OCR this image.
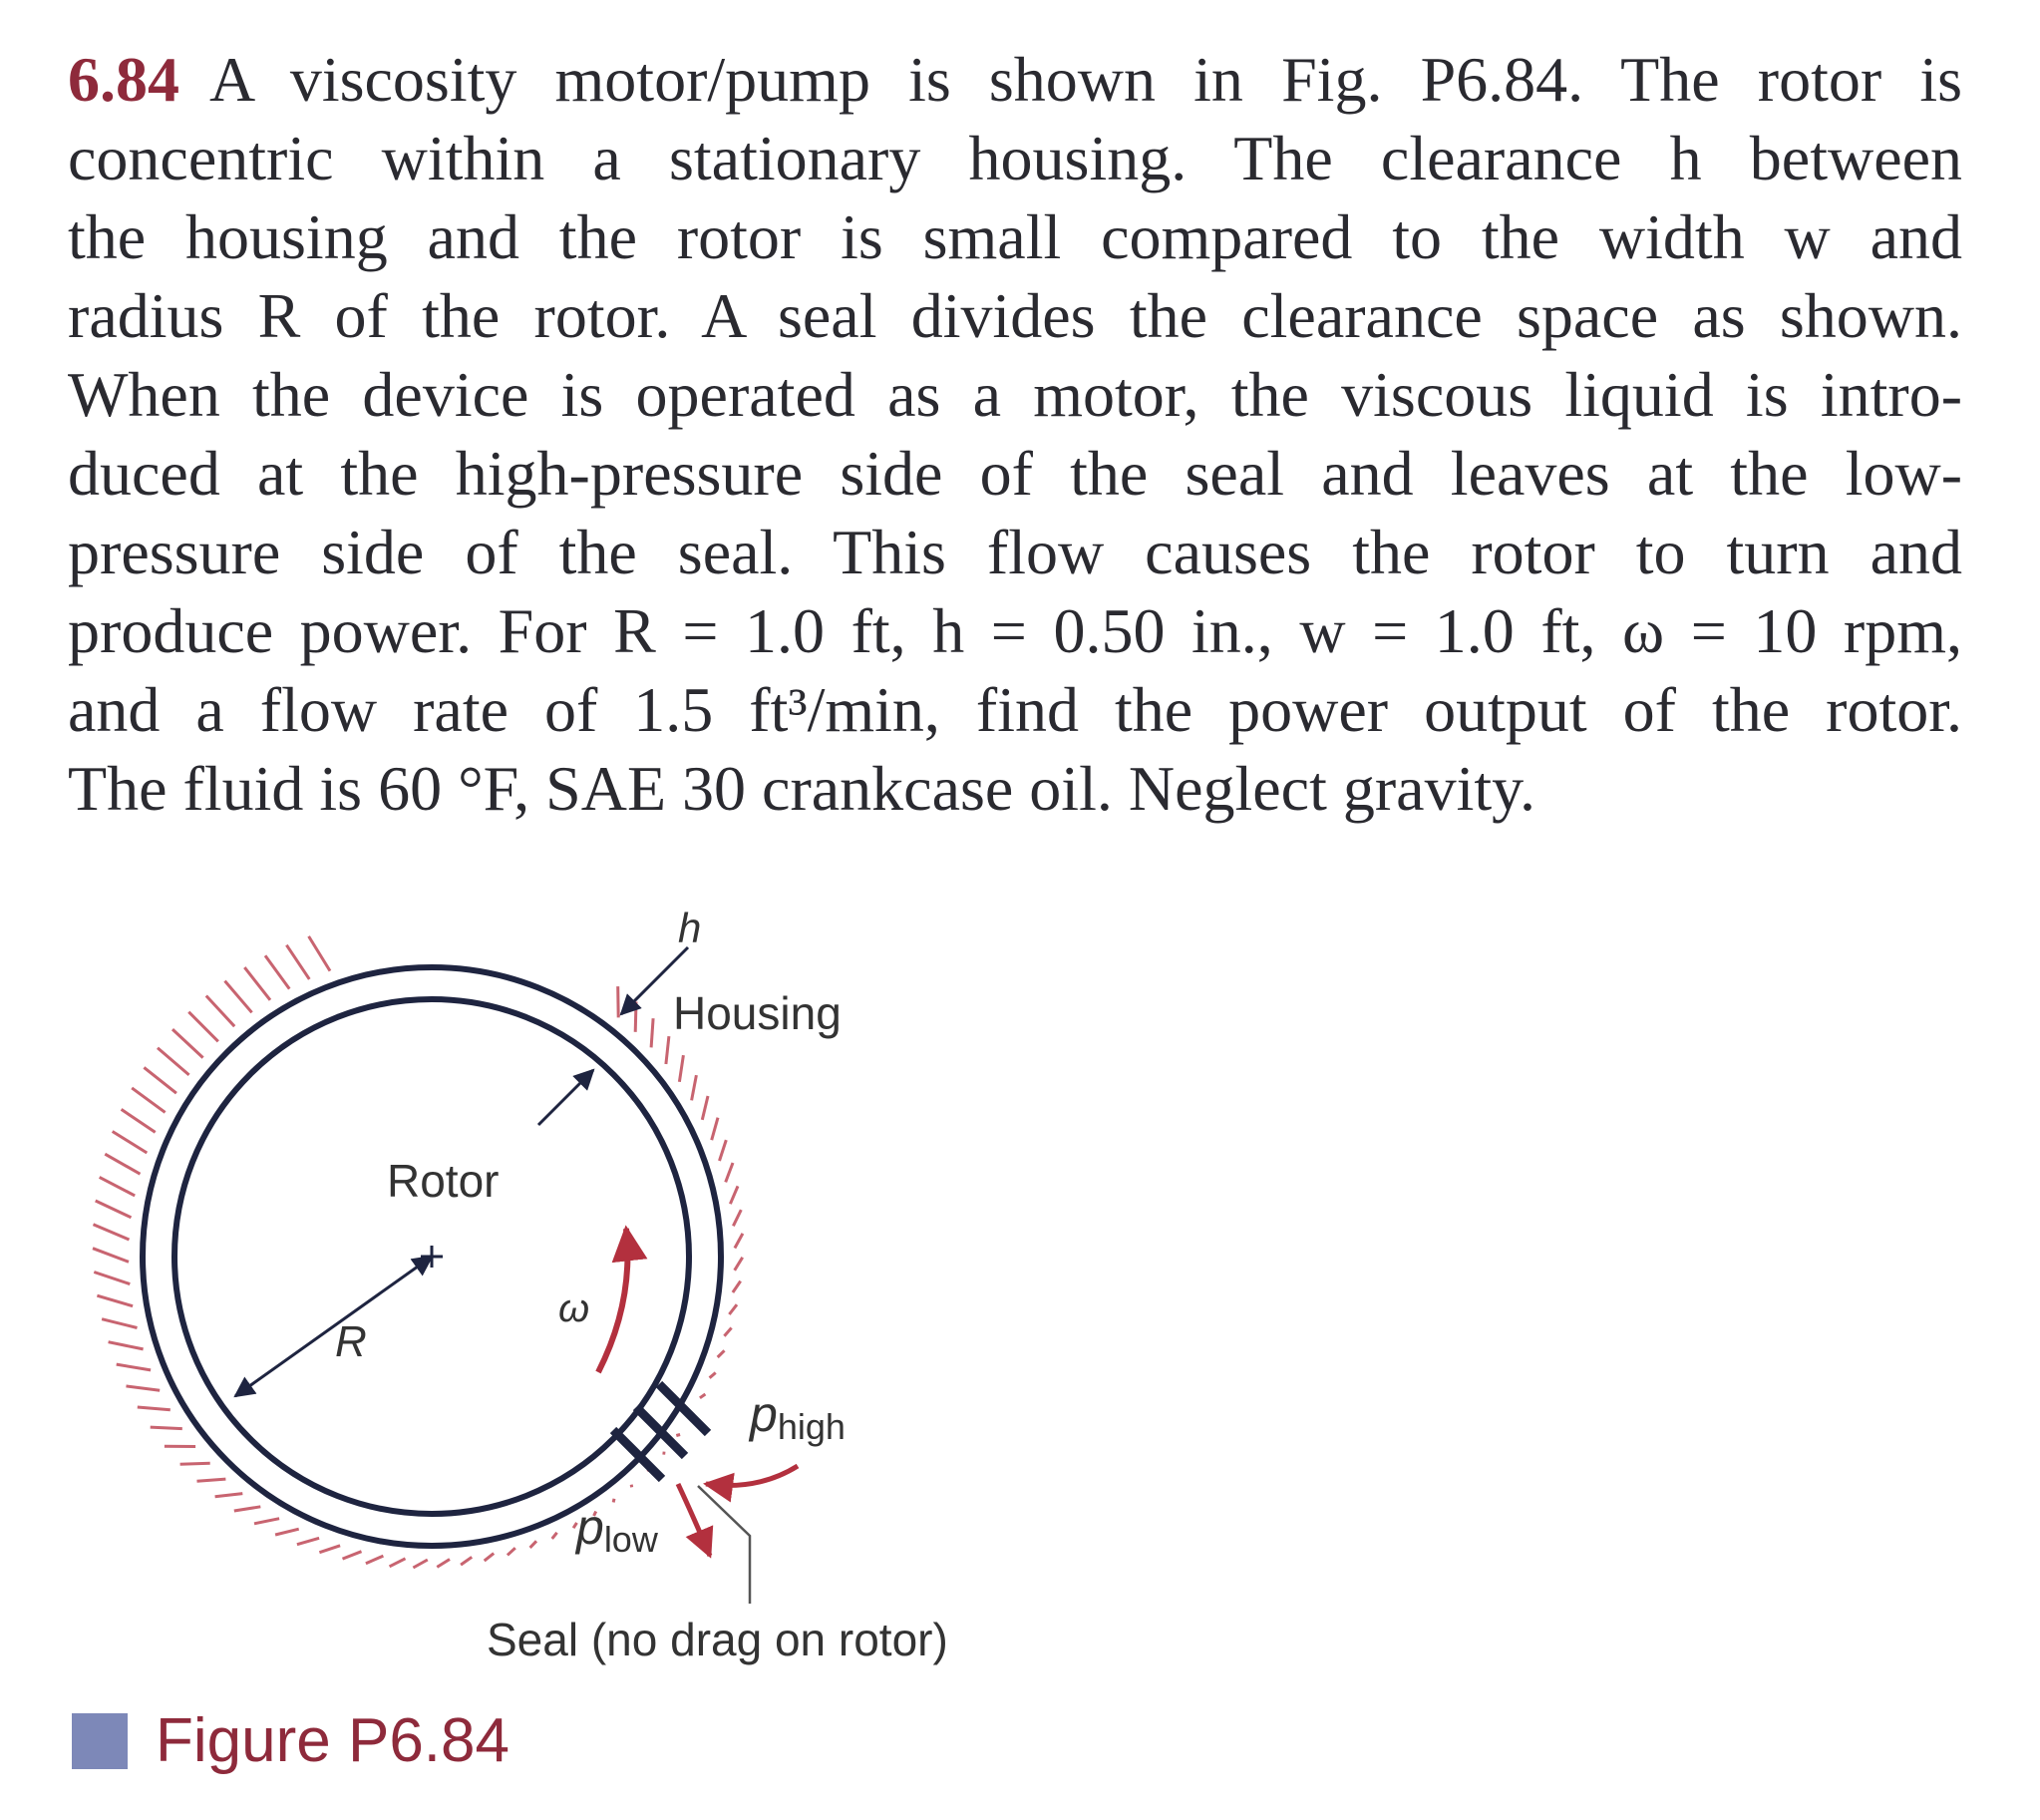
6.84 A viscosity motor/pump is shown in Fig. P6.84. The rotor is
concentric within a stationary housing. The clearance h between
the housing and the rotor is small compared to the width w and
radius R of the rotor. A seal divides the clearance space as shown.
When the device is operated as a motor, the viscous liquid is intro-
duced at the high-pressure side of the seal and leaves at the low-
pressure side of the seal. This flow causes the rotor to turn and
produce power. For R = 1.0 ft, h = 0.50 in., w = 1.0 ft, ω = 10 rpm,
and a flow rate of 1.5 ft³/min, find the power output of the rotor.
The fluid is 60 °F, SAE 30 crankcase oil. Neglect gravity.
h
Housing
Rotor
R
ω
phigh
plow
Seal (no drag on rotor)
Figure P6.84
